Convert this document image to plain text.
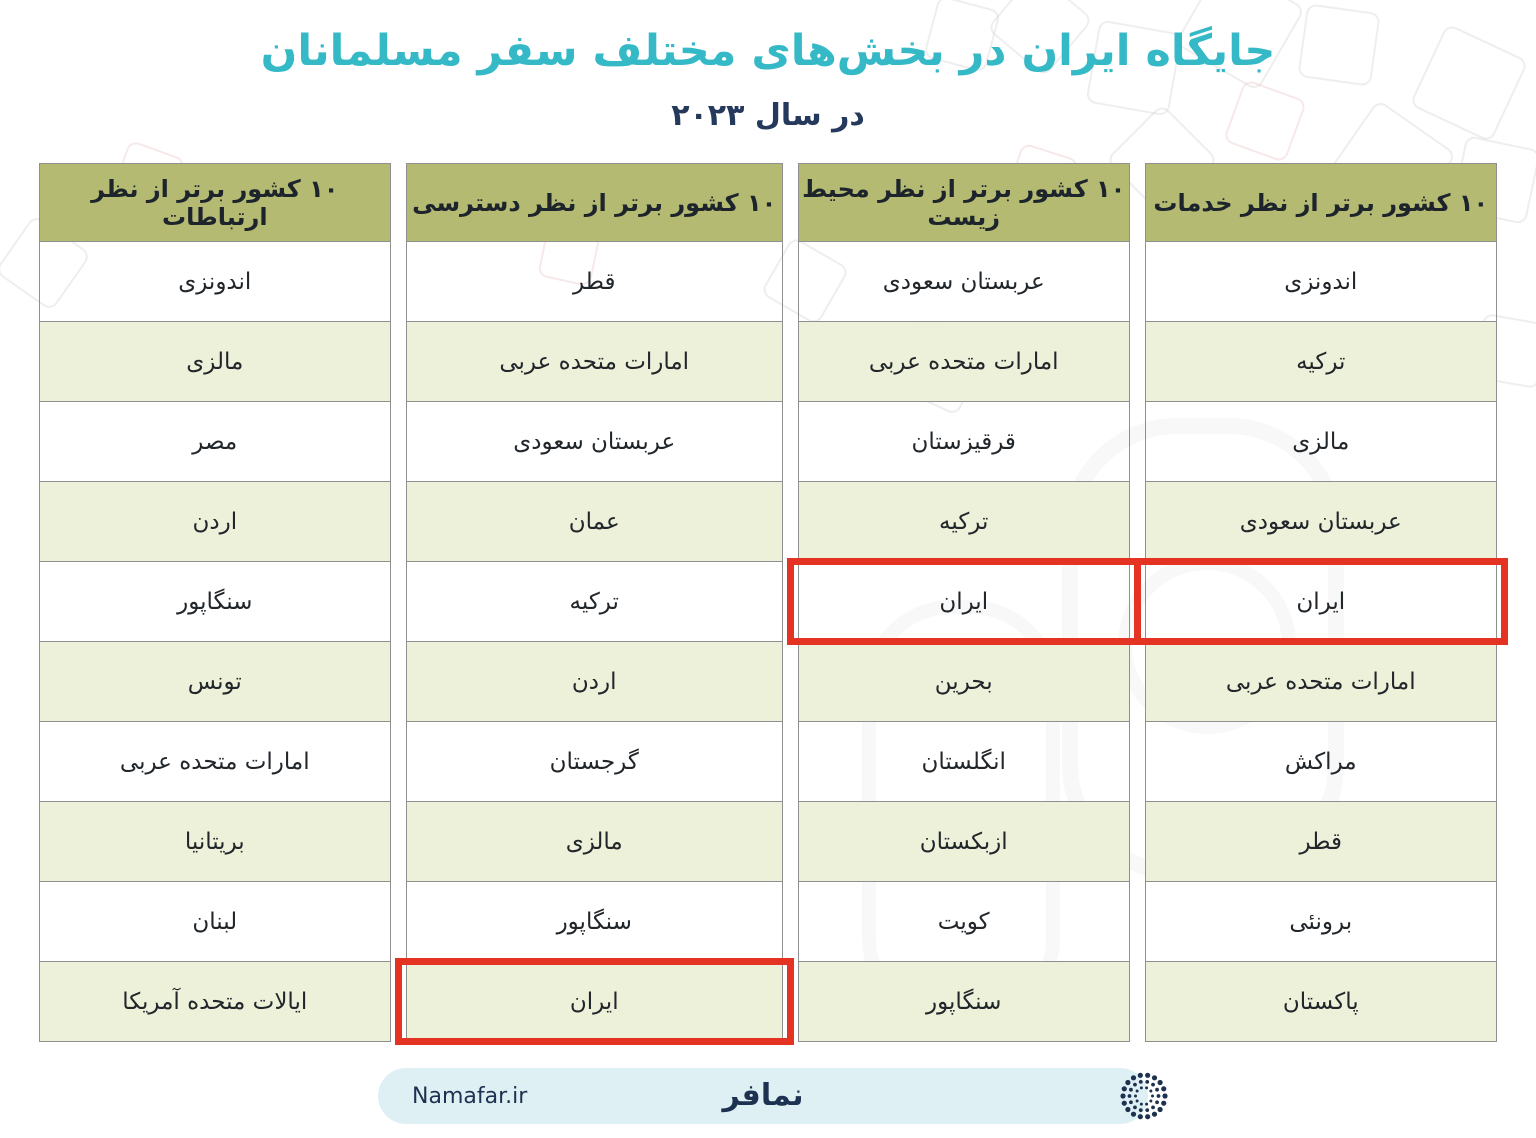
جایگاه ایران در بخش‌های مختلف سفر مسلمانان
در سال ۲۰۲۳
۱۰ کشور برتر از نظر خدمات
اندونزی
ترکیه
مالزی
عربستان سعودی
ایران
امارات متحده عربی
مراکش
قطر
برونئی
پاکستان
۱۰ کشور برتر از نظر محیط زیست
عربستان سعودی
امارات متحده عربی
قرقیزستان
ترکیه
ایران
بحرین
انگلستان
ازبکستان
کویت
سنگاپور
۱۰ کشور برتر از نظر دسترسی
قطر
امارات متحده عربی
عربستان سعودی
عمان
ترکیه
اردن
گرجستان
مالزی
سنگاپور
ایران
۱۰ کشور برتر از نظر ارتباطات
اندونزی
مالزی
مصر
اردن
سنگاپور
تونس
امارات متحده عربی
بریتانیا
لبنان
ایالات متحده آمریکا
Namafar.ir	نمافر
